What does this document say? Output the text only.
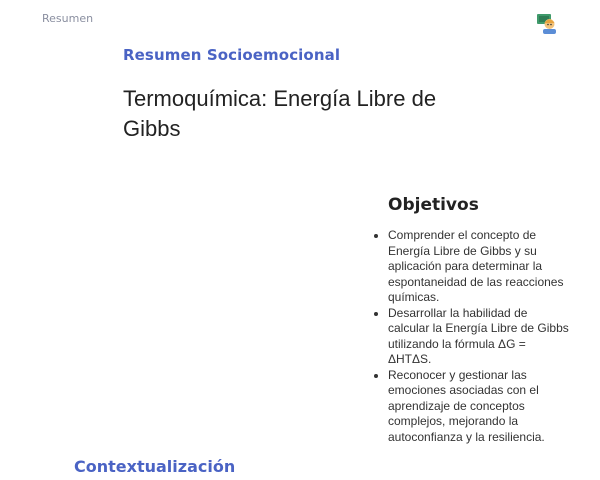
Resumen
Resumen Socioemocional
Termoquímica: Energía Libre de Gibbs
Objetivos
• Comprender el concepto de Energía Libre de Gibbs y su aplicación para determinar la espontaneidad de las reacciones químicas.
• Desarrollar la habilidad de calcular la Energía Libre de Gibbs utilizando la fórmula ΔG = ΔHTΔS.
• Reconocer y gestionar las emociones asociadas con el aprendizaje de conceptos complejos, mejorando la autoconfianza y la resiliencia.
Contextualización
